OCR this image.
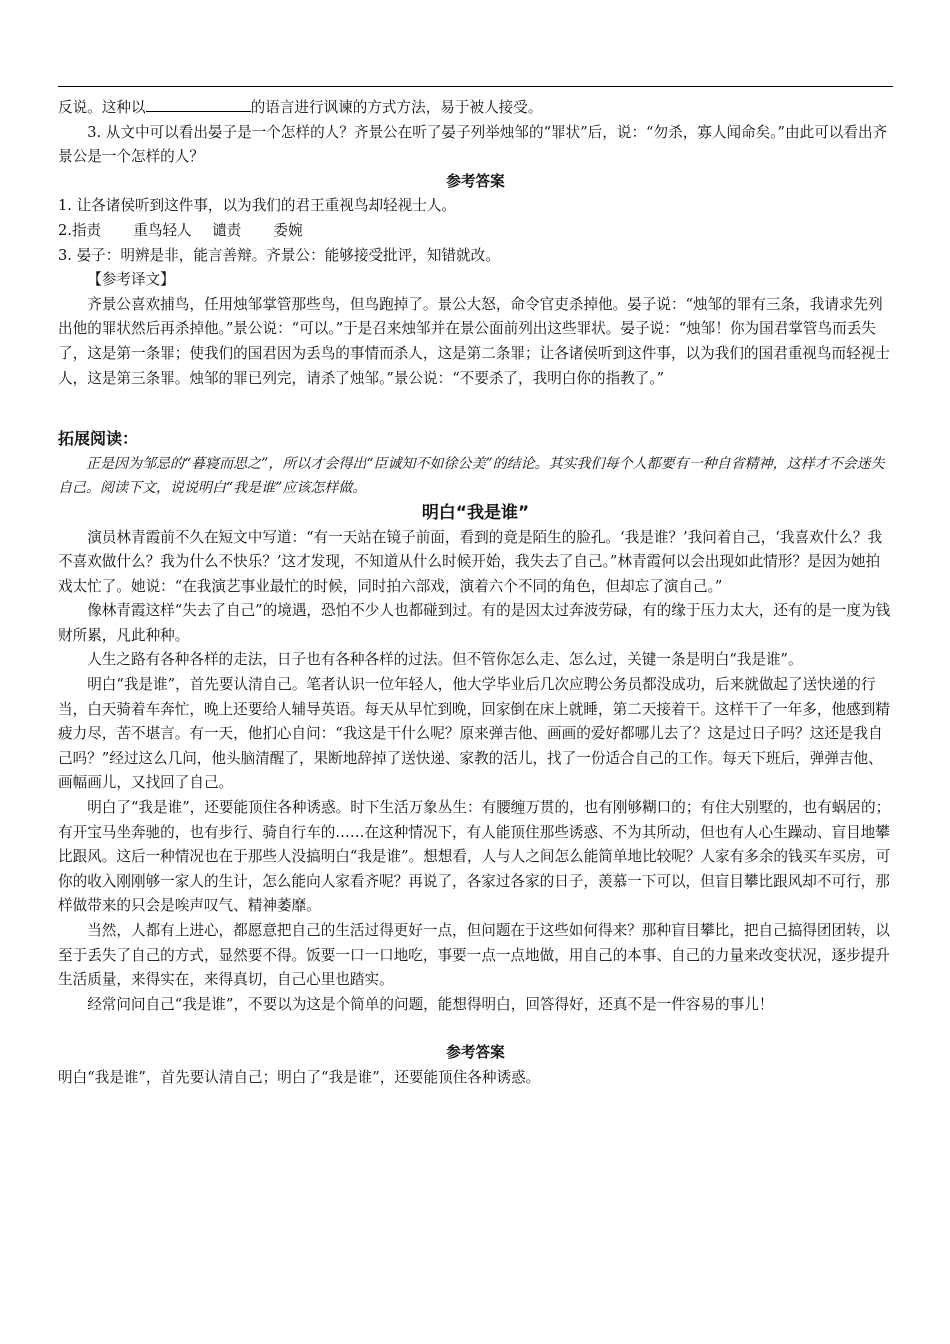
反说。这种以	的语言进行讽谏的方式方法，易于被人接受。

3. 从文中可以看出晏子是一个怎样的人？齐景公在听了晏子列举烛邹的“罪状”后，说：“勿杀，寡人闻命矣。”由此可以看出齐景公是一个怎样的人？

参考答案

1. 让各诸侯听到这件事，以为我们的君王重视鸟却轻视士人。

2.指责 重鸟轻人 谴责 委婉

3. 晏子：明辨是非，能言善辩。齐景公：能够接受批评，知错就改。

【参考译文】

齐景公喜欢捕鸟，任用烛邹掌管那些鸟，但鸟跑掉了。景公大怒，命令官吏杀掉他。晏子说：“烛邹的罪有三条，我请求先列出他的罪状然后再杀掉他。”景公说：“可以。”于是召来烛邹并在景公面前列出这些罪状。晏子说：“烛邹！你为国君掌管鸟而丢失了，这是第一条罪；使我们的国君因为丢鸟的事情而杀人，这是第二条罪；让各诸侯听到这件事，以为我们的国君重视鸟而轻视士人，这是第三条罪。烛邹的罪已列完，请杀了烛邹。”景公说：“不要杀了，我明白你的指教了。”

拓展阅读：

正是因为邹忌的“暮寝而思之”，所以才会得出“臣诚知不如徐公美”的结论。其实我们每个人都要有一种自省精神，这样才不会迷失自己。阅读下文，说说明白“我是谁”应该怎样做。

明白“我是谁”

演员林青霞前不久在短文中写道：“有一天站在镜子前面，看到的竟是陌生的脸孔。‘我是谁？’我问着自己，‘我喜欢什么？我不喜欢做什么？我为什么不快乐？’这才发现，不知道从什么时候开始，我失去了自己。”林青霞何以会出现如此情形？是因为她拍戏太忙了。她说：“在我演艺事业最忙的时候，同时拍六部戏，演着六个不同的角色，但却忘了演自己。”

像林青霞这样“失去了自己”的境遇，恐怕不少人也都碰到过。有的是因太过奔波劳碌，有的缘于压力太大，还有的是一度为钱财所累，凡此种种。

人生之路有各种各样的走法，日子也有各种各样的过法。但不管你怎么走、怎么过，关键一条是明白“我是谁”。

明白“我是谁”，首先要认清自己。笔者认识一位年轻人，他大学毕业后几次应聘公务员都没成功，后来就做起了送快递的行当，白天骑着车奔忙，晚上还要给人辅导英语。每天从早忙到晚，回家倒在床上就睡，第二天接着干。这样干了一年多，他感到精疲力尽，苦不堪言。有一天，他扪心自问：“我这是干什么呢？原来弹吉他、画画的爱好都哪儿去了？这是过日子吗？这还是我自己吗？”经过这么几问，他头脑清醒了，果断地辞掉了送快递、家教的活儿，找了一份适合自己的工作。每天下班后，弹弹吉他、画幅画儿，又找回了自己。

明白了“我是谁”，还要能顶住各种诱惑。时下生活万象丛生：有腰缠万贯的，也有刚够糊口的；有住大别墅的，也有蜗居的；有开宝马坐奔驰的，也有步行、骑自行车的……在这种情况下，有人能顶住那些诱惑、不为其所动，但也有人心生躁动、盲目地攀比跟风。这后一种情况也在于那些人没搞明白“我是谁”。想想看，人与人之间怎么能简单地比较呢？人家有多余的钱买车买房，可你的收入刚刚够一家人的生计，怎么能向人家看齐呢？再说了，各家过各家的日子，羡慕一下可以，但盲目攀比跟风却不可行，那样做带来的只会是唉声叹气、精神萎靡。

当然，人都有上进心，都愿意把自己的生活过得更好一点，但问题在于这些如何得来？那种盲目攀比，把自己搞得团团转，以至于丢失了自己的方式，显然要不得。饭要一口一口地吃，事要一点一点地做，用自己的本事、自己的力量来改变状况，逐步提升生活质量，来得实在，来得真切，自己心里也踏实。

经常问问自己“我是谁”，不要以为这是个简单的问题，能想得明白，回答得好，还真不是一件容易的事儿！

参考答案

明白“我是谁”，首先要认清自己；明白了“我是谁”，还要能顶住各种诱惑。
